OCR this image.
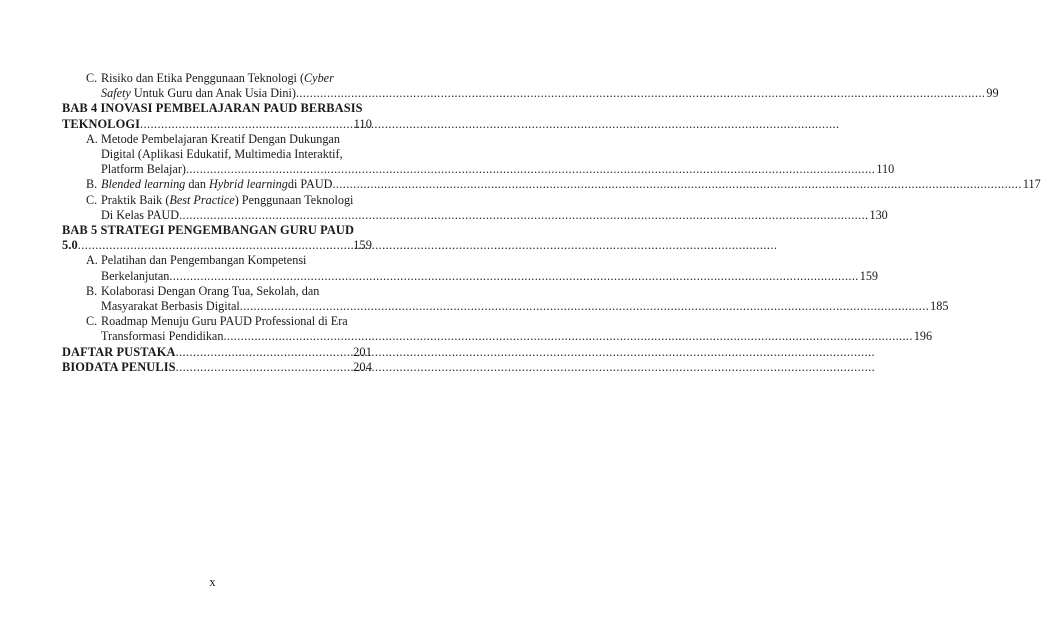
C. Risiko dan Etika Penggunaan Teknologi (Cyber
Safety Untuk Guru dan Anak Usia Dini) .....	99
BAB 4 INOVASI PEMBELAJARAN PAUD BERBASIS
TEKNOLOGI .....	110
A. Metode Pembelajaran Kreatif Dengan Dukungan
Digital (Aplikasi Edukatif, Multimedia Interaktif,
Platform Belajar) .....	110
B. Blended learning dan Hybrid learningdi PAUD .....	117
C. Praktik Baik (Best Practice) Penggunaan Teknologi
Di Kelas PAUD .....	130
BAB 5 STRATEGI PENGEMBANGAN GURU PAUD
5.0 .....	159
A. Pelatihan dan Pengembangan Kompetensi
Berkelanjutan .....	159
B. Kolaborasi Dengan Orang Tua, Sekolah, dan
Masyarakat Berbasis Digital .....	185
C. Roadmap Menuju Guru PAUD Professional di Era
Transformasi Pendidikan .....	196
DAFTAR PUSTAKA .....	201
BIODATA PENULIS .....	204
x
